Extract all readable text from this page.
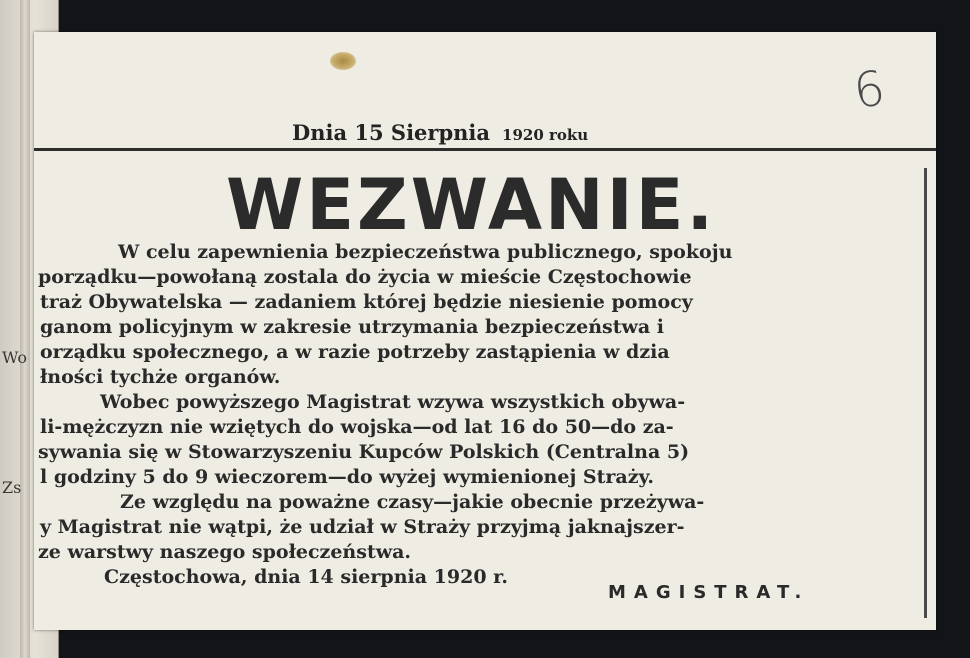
Wo
Zs
6
Dnia 15 Sierpnia 1920 roku
WEZWANIE.
W celu zapewnienia bezpieczeństwa publicznego, spokoju
porządku—powołaną zostala do życia w mieście Częstochowie
traż Obywatelska — zadaniem której będzie niesienie pomocy
ganom policyjnym w zakresie utrzymania bezpieczeństwa i
orządku społecznego, a w razie potrzeby zastąpienia w dzia
łności tychże organów.
Wobec powyższego Magistrat wzywa wszystkich obywa-
li-mężczyzn nie wziętych do wojska—od lat 16 do 50—do za-
sywania się w Stowarzyszeniu Kupców Polskich (Centralna 5)
l godziny 5 do 9 wieczorem—do wyżej wymienionej Straży.
Ze względu na poważne czasy—jakie obecnie przeżywa-
y Magistrat nie wątpi, że udział w Straży przyjmą jaknajszer-
ze warstwy naszego społeczeństwa.
Częstochowa, dnia 14 sierpnia 1920 r.
MAGISTRAT.
